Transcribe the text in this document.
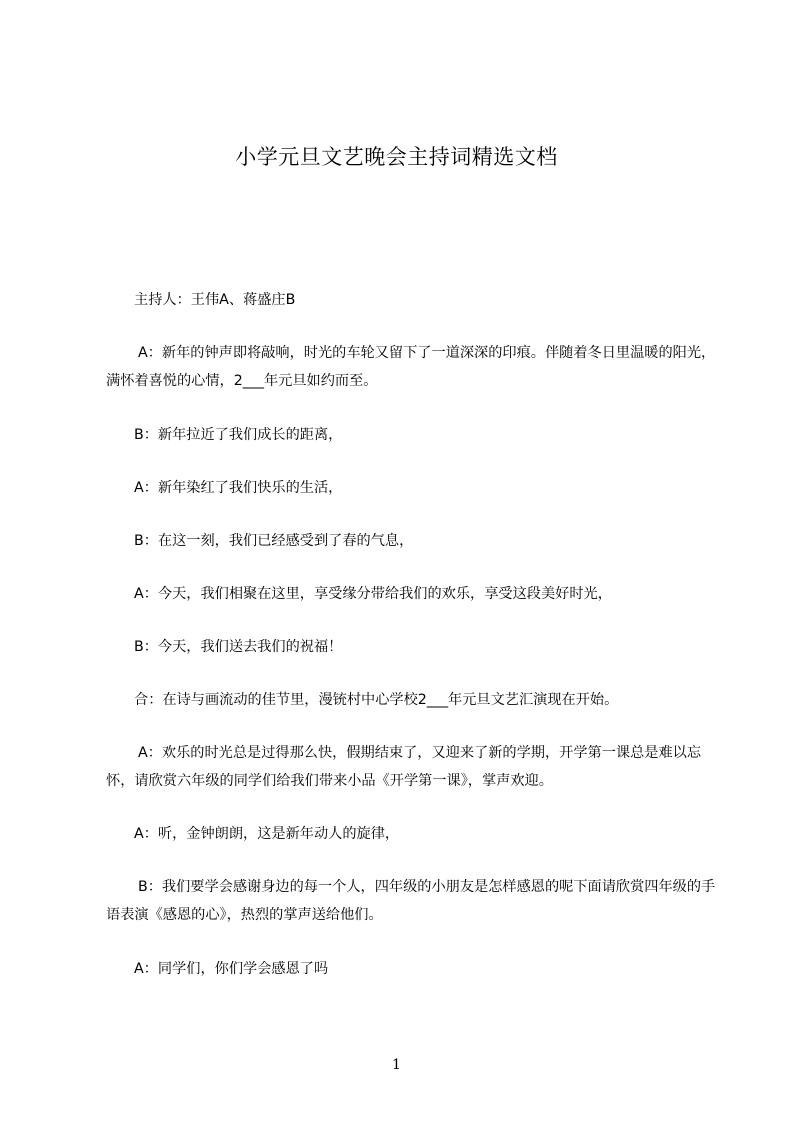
小学元旦文艺晚会主持词精选文档

主持人：王伟A、蒋盛庄B

A：新年的钟声即将敲响，时光的车轮又留下了一道深深的印痕。伴随着冬日里温暖的阳光，满怀着喜悦的心情，2___年元旦如约而至。

B：新年拉近了我们成长的距离，

A：新年染红了我们快乐的生活，

B：在这一刻，我们已经感受到了春的气息，

A：今天，我们相聚在这里，享受缘分带给我们的欢乐，享受这段美好时光，

B：今天，我们送去我们的祝福！

合：在诗与画流动的佳节里，漫铳村中心学校2___年元旦文艺汇演现在开始。

A：欢乐的时光总是过得那么快，假期结束了，又迎来了新的学期，开学第一课总是难以忘怀，请欣赏六年级的同学们给我们带来小品《开学第一课》，掌声欢迎。

A：听，金钟朗朗，这是新年动人的旋律，

B：我们要学会感谢身边的每一个人，四年级的小朋友是怎样感恩的呢下面请欣赏四年级的手语表演《感恩的心》，热烈的掌声送给他们。

A：同学们，你们学会感恩了吗

1
